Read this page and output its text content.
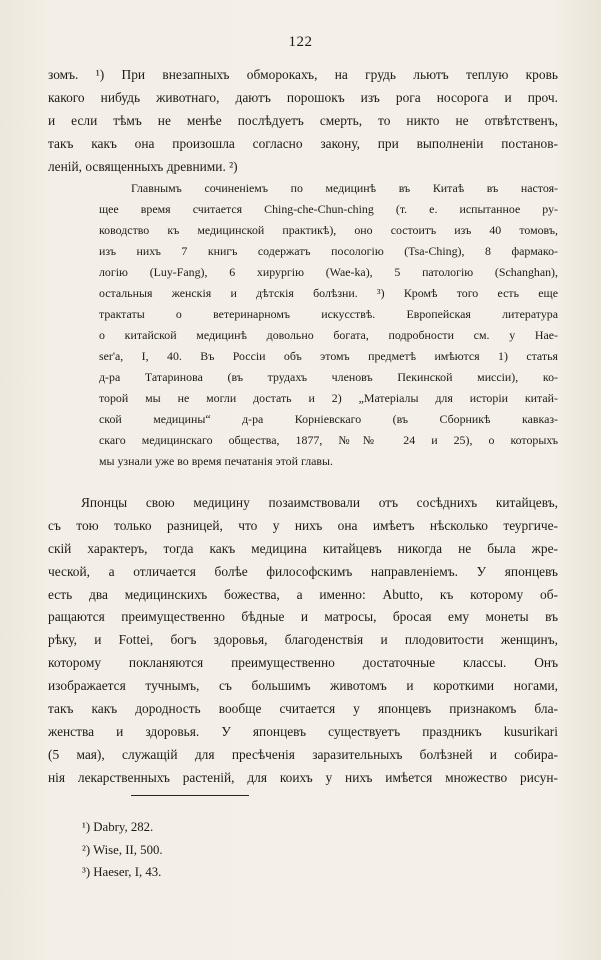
122
зомъ. ¹) При внезапныхъ обморокахъ, на грудь льютъ теплую кровь
какого нибудь животнаго, даютъ порошокъ изъ рога носорога и проч.
и если тѣмъ не менѣе послѣдуетъ смерть, то никто не отвѣтственъ,
такъ какъ она произошла согласно закону, при выполненіи постанов-
леній, освященныхъ древними. ²)
Главнымъ сочиненіемъ по медицинѣ въ Китаѣ въ настоя-
щее время считается Ching-che-Chun-ching (т. е. испытанное ру-
ководство къ медицинской практикѣ), оно состоитъ изъ 40 томовъ,
изъ нихъ 7 книгъ содержатъ посологію (Tsa-Ching), 8 фармако-
логію (Luy-Fang), 6 хирургію (Wae-ka), 5 патологію (Schanghan),
остальныя женскія и дѣтскія болѣзни. ³) Кромѣ того есть еще
трактаты о ветеринарномъ искусствѣ. Европейская литература
о китайской медицинѣ довольно богата, подробности см. у Hae-
ser'а, I, 40. Въ Россіи объ этомъ предметѣ имѣются 1) статья
д-ра Татаринова (въ трудахъ членовъ Пекинской миссіи), ко-
торой мы не могли достать и 2) „Матеріалы для исторіи китай-
ской медицины“ д-ра Корніевскаго (въ Сборникѣ кавказ-
скаго медицинскаго общества, 1877, №№ 24 и 25), о которыхъ
мы узнали уже во время печатанія этой главы.
Японцы свою медицину позаимствовали отъ сосѣднихъ китайцевъ,
съ тою только разницей, что у нихъ она имѣетъ нѣсколько теургиче-
скій характеръ, тогда какъ медицина китайцевъ никогда не была жре-
ческой, а отличается болѣе философскимъ направленіемъ. У японцевъ
есть два медицинскихъ божества, а именно: Abutto, къ которому об-
ращаются преимущественно бѣдные и матросы, бросая ему монеты въ
рѣку, и Fottei, богъ здоровья, благоденствія и плодовитости женщинъ,
которому покланяются преимущественно достаточные классы. Онъ
изображается тучнымъ, съ большимъ животомъ и короткими ногами,
такъ какъ дородность вообще считается у японцевъ признакомъ бла-
женства и здоровья. У японцевъ существуетъ праздникъ kusurikari
(5 мая), служащій для пресѣченія заразительныхъ болѣзней и собира-
нія лекарственныхъ растеній, для коихъ у нихъ имѣется множество рисун-
¹) Dabry, 282.
²) Wise, II, 500.
³) Haeser, I, 43.
